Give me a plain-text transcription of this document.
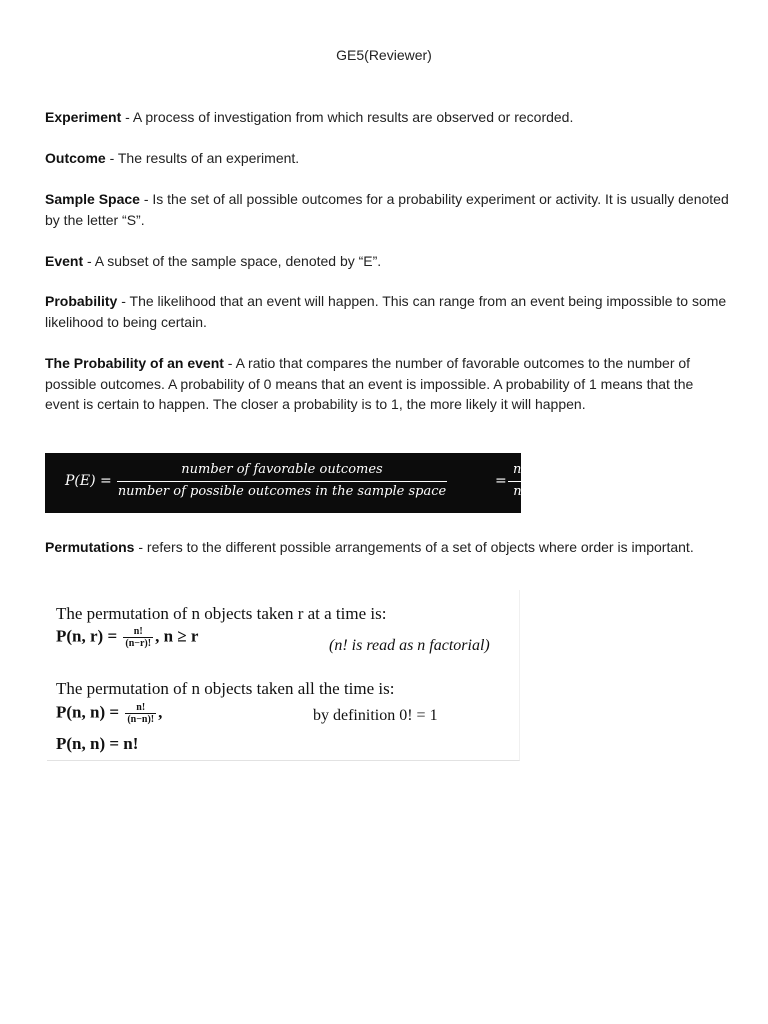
GE5(Reviewer)
Experiment - A process of investigation from which results are observed or recorded.
Outcome - The results of an experiment.
Sample Space - Is the set of all possible outcomes for a probability experiment or activity. It is usually denoted by the letter “S”.
Event - A subset of the sample space, denoted by “E”.
Probability - The likelihood that an event will happen. This can range from an event being impossible to some likelihood to being certain.
The Probability of an event - A ratio that compares the number of favorable outcomes to the number of possible outcomes. A probability of 0 means that an event is impossible. A probability of 1 means that the event is certain to happen. The closer a probability is to 1, the more likely it will happen.
P(E) =
number of favorable outcomes
number of possible outcomes in the sample space
=
n(E)
n(S)
Permutations - refers to the different possible arrangements of a set of objects where order is important.
The permutation of n objects taken r at a time is:
P(n, $r) = \frac{n!}{(n-r)!}$ , n ≥ r
(n! is read as n factorial)
The permutation of n objects taken all the time is:
P(n, $n) = \frac{n!}{(n-n)!}$ ,	by definition 0! = 1
P(n, n) = n!
